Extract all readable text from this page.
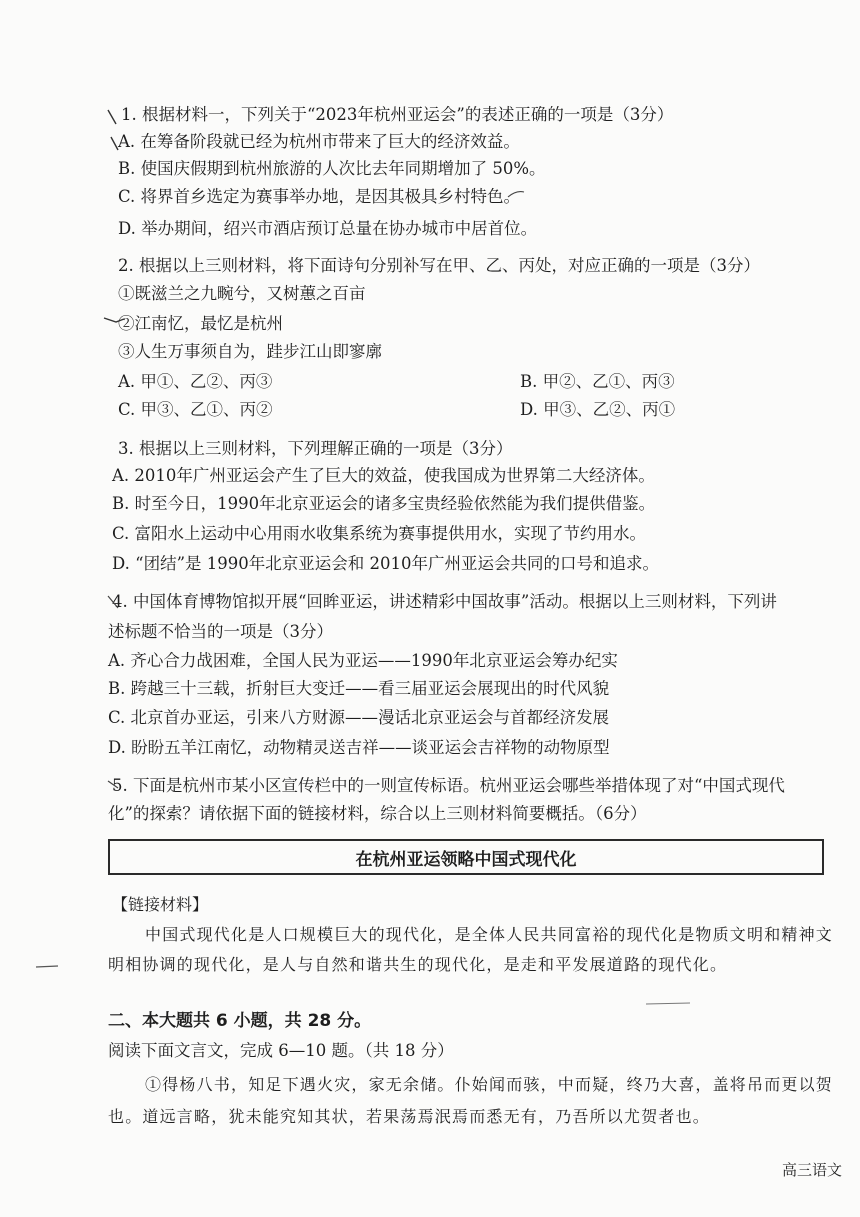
1. 根据材料一，下列关于“2023年杭州亚运会”的表述正确的一项是（3分）
A. 在筹备阶段就已经为杭州市带来了巨大的经济效益。
B. 使国庆假期到杭州旅游的人次比去年同期增加了 50%。
C. 将界首乡选定为赛事举办地，是因其极具乡村特色。
D. 举办期间，绍兴市酒店预订总量在协办城市中居首位。
2. 根据以上三则材料，将下面诗句分别补写在甲、乙、丙处，对应正确的一项是（3分）
①既滋兰之九畹兮，又树蕙之百亩
②江南忆，最忆是杭州
③人生万事须自为，跬步江山即寥廓
A. 甲①、乙②、丙③	B. 甲②、乙①、丙③
C. 甲③、乙①、丙②	D. 甲③、乙②、丙①
3. 根据以上三则材料，下列理解正确的一项是（3分）
A. 2010年广州亚运会产生了巨大的效益，使我国成为世界第二大经济体。
B. 时至今日，1990年北京亚运会的诸多宝贵经验依然能为我们提供借鉴。
C. 富阳水上运动中心用雨水收集系统为赛事提供用水，实现了节约用水。
D. “团结”是 1990年北京亚运会和 2010年广州亚运会共同的口号和追求。
4. 中国体育博物馆拟开展“回眸亚运，讲述精彩中国故事”活动。根据以上三则材料，下列讲
述标题不恰当的一项是（3分）
A. 齐心合力战困难，全国人民为亚运——1990年北京亚运会筹办纪实
B. 跨越三十三载，折射巨大变迁——看三届亚运会展现出的时代风貌
C. 北京首办亚运，引来八方财源——漫话北京亚运会与首都经济发展
D. 盼盼五羊江南忆，动物精灵送吉祥——谈亚运会吉祥物的动物原型
5. 下面是杭州市某小区宣传栏中的一则宣传标语。杭州亚运会哪些举措体现了对“中国式现代
化”的探索？请依据下面的链接材料，综合以上三则材料简要概括。（6分）
在杭州亚运领略中国式现代化
【链接材料】
中国式现代化是人口规模巨大的现代化，是全体人民共同富裕的现代化是物质文明和精神文
明相协调的现代化，是人与自然和谐共生的现代化，是走和平发展道路的现代化。
二、本大题共 6 小题，共 28 分。
阅读下面文言文，完成 6—10 题。（共 18 分）
①得杨八书，知足下遇火灾，家无余储。仆始闻而骇，中而疑，终乃大喜，盖将吊而更以贺
也。道远言略，犹未能究知其状，若果荡焉泯焉而悉无有，乃吾所以尤贺者也。
高三语文
